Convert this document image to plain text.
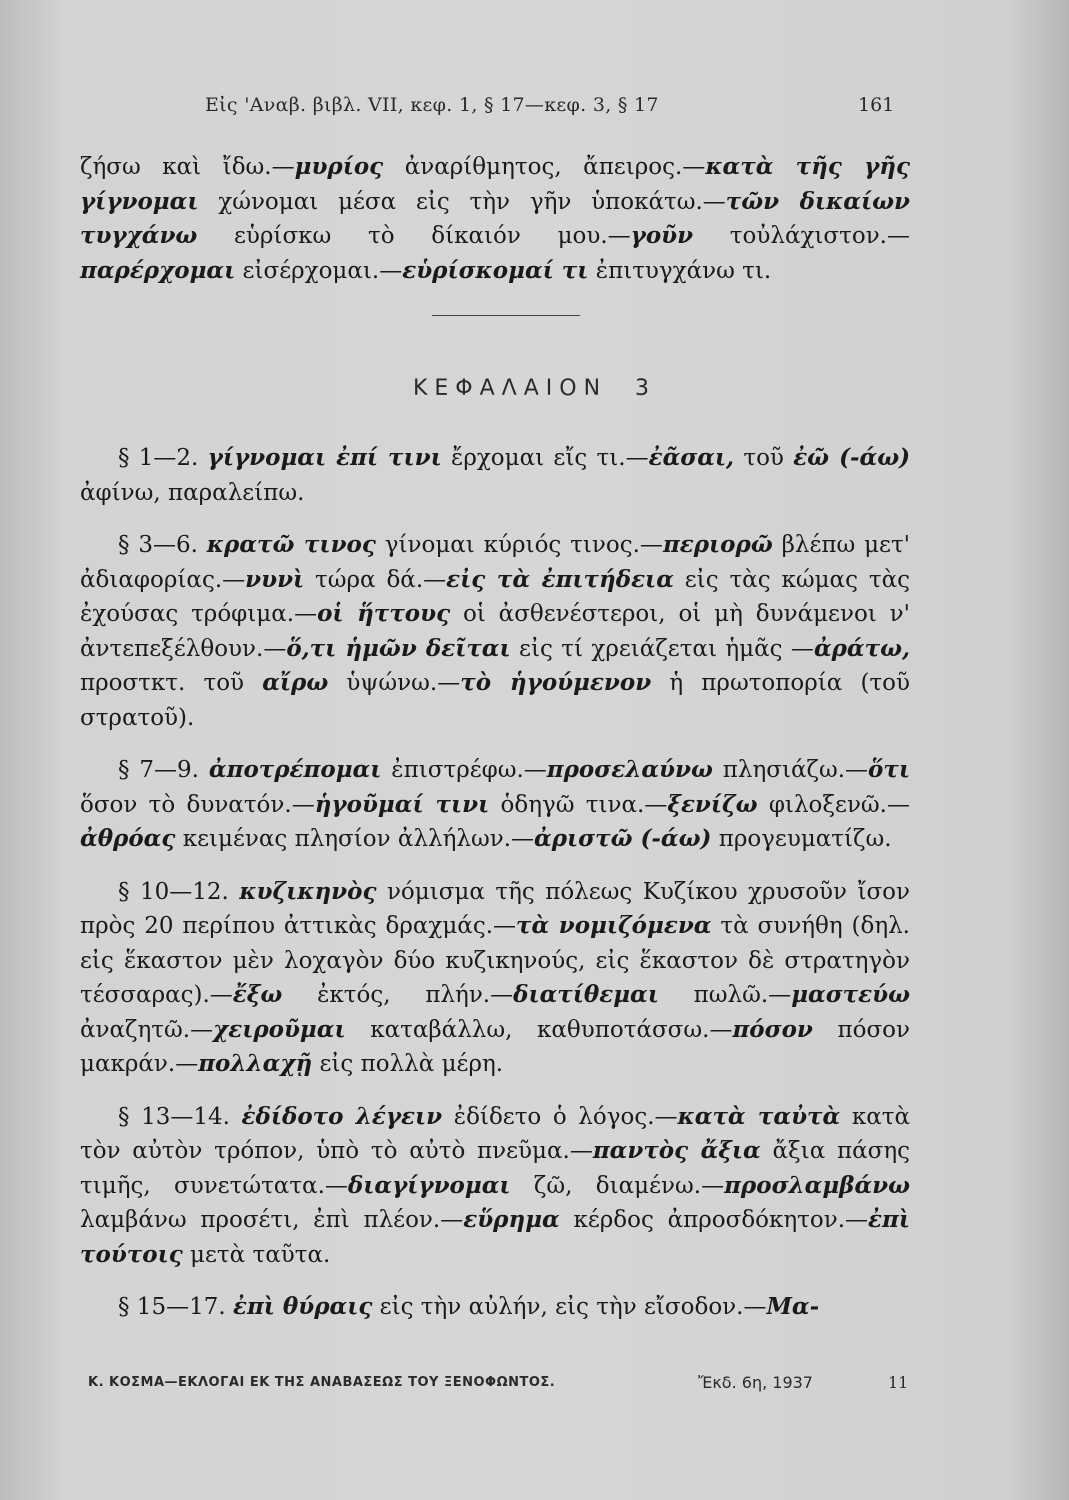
Εἰς 'Αναβ. βιβλ. VII, κεφ. 1, § 17—κεφ. 3, § 17	161

ζήσω καὶ ἴδω.—μυρίος ἀναρίθμητος, ἄπειρος.—κατὰ τῆς γῆς γίγνομαι χώνομαι μέσα εἰς τὴν γῆν ὑποκάτω.—τῶν δικαίων τυγχάνω εὑρίσκω τὸ δίκαιόν μου.—γοῦν τοὐλάχιστον.—παρέρχομαι εἰσέρχομαι.—εὑρίσκομαί τι ἐπιτυγχάνω τι.

ΚΕΦΑΛΑΙΟΝ 3

§ 1—2. γίγνομαι ἐπί τινι ἔρχομαι εἴς τι.—ἐᾶσαι, τοῦ ἐῶ (-άω) ἀφίνω, παραλείπω.

§ 3—6. κρατῶ τινος γίνομαι κύριός τινος.—περιορῶ βλέπω μετ' ἀδιαφορίας.—νυνὶ τώρα δά.—εἰς τὰ ἐπιτήδεια εἰς τὰς κώμας τὰς ἐχούσας τρόφιμα.—οἱ ἥττους οἱ ἀσθενέστεροι, οἱ μὴ δυνάμενοι ν' ἀντεπεξέλθουν.—ὅ,τι ἡμῶν δεῖται εἰς τί χρειάζεται ἡμᾶς —ἀράτω, προστκτ. τοῦ αἴρω ὑψώνω.—τὸ ἡγούμενον ἡ πρωτοπορία (τοῦ στρατοῦ).

§ 7—9. ἀποτρέπομαι ἐπιστρέφω.—προσελαύνω πλησιάζω.—ὅτι ὅσον τὸ δυνατόν.—ἡγοῦμαί τινι ὁδηγῶ τινα.—ξενίζω φιλοξενῶ.—ἀθρόας κειμένας πλησίον ἀλλήλων.—ἀριστῶ (-άω) προγευματίζω.

§ 10—12. κυζικηνὸς νόμισμα τῆς πόλεως Κυζίκου χρυσοῦν ἴσον πρὸς 20 περίπου ἀττικὰς δραχμάς.—τὰ νομιζόμενα τὰ συνήθη (δηλ. εἰς ἕκαστον μὲν λοχαγὸν δύο κυζικηνούς, εἰς ἕκαστον δὲ στρατηγὸν τέσσαρας).—ἔξω ἐκτός, πλήν.—διατίθεμαι πωλῶ.—μαστεύω ἀναζητῶ.—χειροῦμαι καταβάλλω, καθυποτάσσω.—πόσον πόσον μακράν.—πολλαχῇ εἰς πολλὰ μέρη.

§ 13—14. ἐδίδοτο λέγειν ἐδίδετο ὁ λόγος.—κατὰ ταὐτὰ κατὰ τὸν αὐτὸν τρόπον, ὑπὸ τὸ αὐτὸ πνεῦμα.—παντὸς ἄξια ἄξια πάσης τιμῆς, συνετώτατα.—διαγίγνομαι ζῶ, διαμένω.—προσλαμβάνω λαμβάνω προσέτι, ἐπὶ πλέον.—εὕρημα κέρδος ἀπροσδόκητον.—ἐπὶ τούτοις μετὰ ταῦτα.

§ 15—17. ἐπὶ θύραις εἰς τὴν αὐλήν, εἰς τὴν εἴσοδον.—Μα-

Κ. ΚΟΣΜΑ—ΕΚΛΟΓΑΙ ΕΚ ΤΗΣ ΑΝΑΒΑΣΕΩΣ ΤΟΥ ΞΕΝΟΦΩΝΤΟΣ.	Ἔκδ. 6η, 1937	11
